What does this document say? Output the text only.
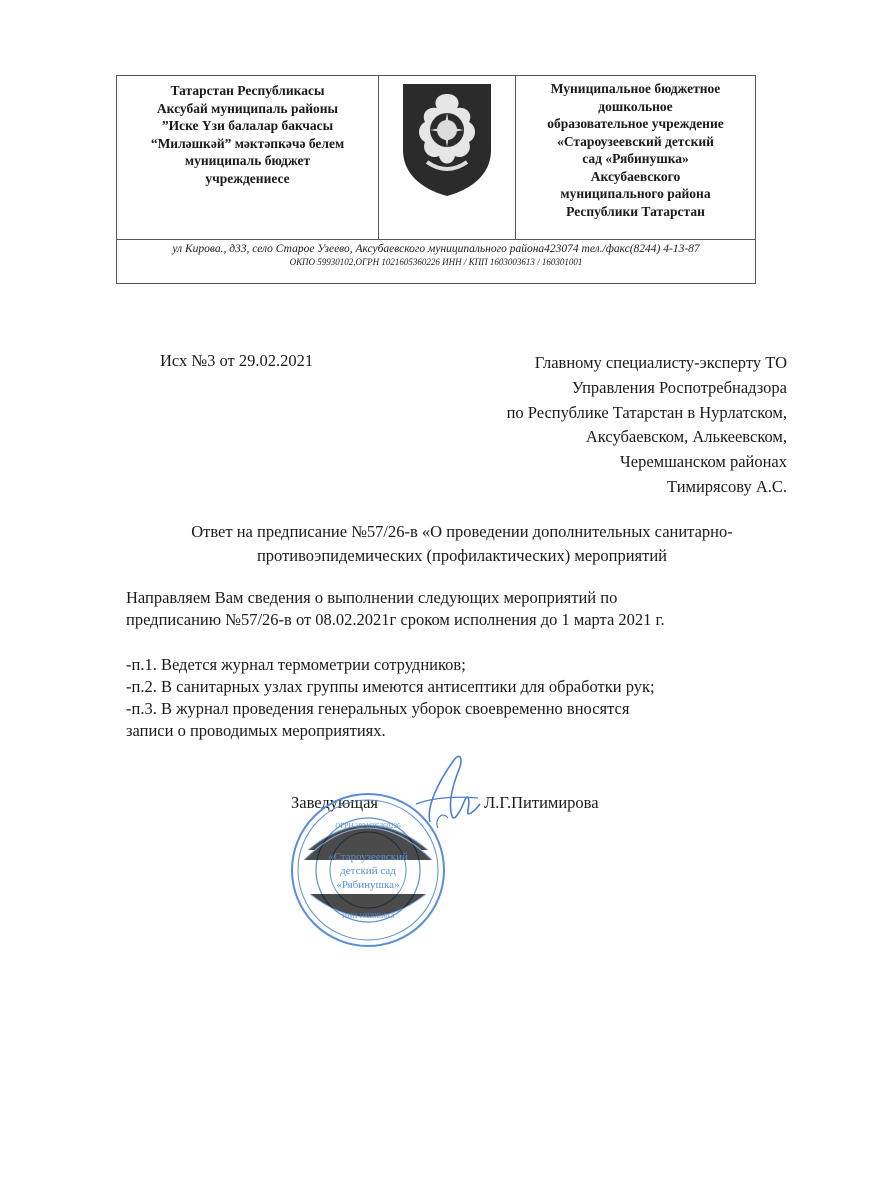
Татарстан Республикасы

Аксубай муниципаль районы

”Иске Үзи балалар бакчасы

“Миләшкәй” мәктәпкәчә белем

муниципаль бюджет

учреждениесе

Муниципальное бюджетное

дошкольное

образовательное учреждение

«Староузеевский детский

сад «Рябинушка»

Аксубаевского

муниципального района

Республики Татарстан

ул Кирова., д33, село Старое Узеево, Аксубаевского муниципального района423074 тел./факс(8244) 4-13-87
ОКПО 59930102,ОГРН 1021605360226 ИНН / КПП 1603003613 / 160301001
Исх №3 от 29.02.2021	Главному специалисту-эксперту ТО
Управления Роспотребнадзора
по Республике Татарстан в Нурлатском,
Аксубаевском, Алькеевском,
Черемшанском районах
Тимирясову А.С.
Ответ на предписание №57/26-в «О проведении дополнительных санитарно-
противоэпидемических (профилактических) мероприятий
Направляем Вам сведения о выполнении следующих мероприятий по
предписанию №57/26-в от 08.02.2021г сроком исполнения до 1 марта 2021 г.
-п.1. Ведется журнал термометрии сотрудников;
-п.2. В санитарных узлах группы имеются антисептики для обработки рук;
-п.3. В журнал проведения генеральных уборок своевременно вносятся
записи о проводимых мероприятиях.
Заведующая	Л.Г.Питимирова
«Староузеевский
детский сад
«Рябинушка»
ОГРН 1021605360226
ИНН 1603003613
